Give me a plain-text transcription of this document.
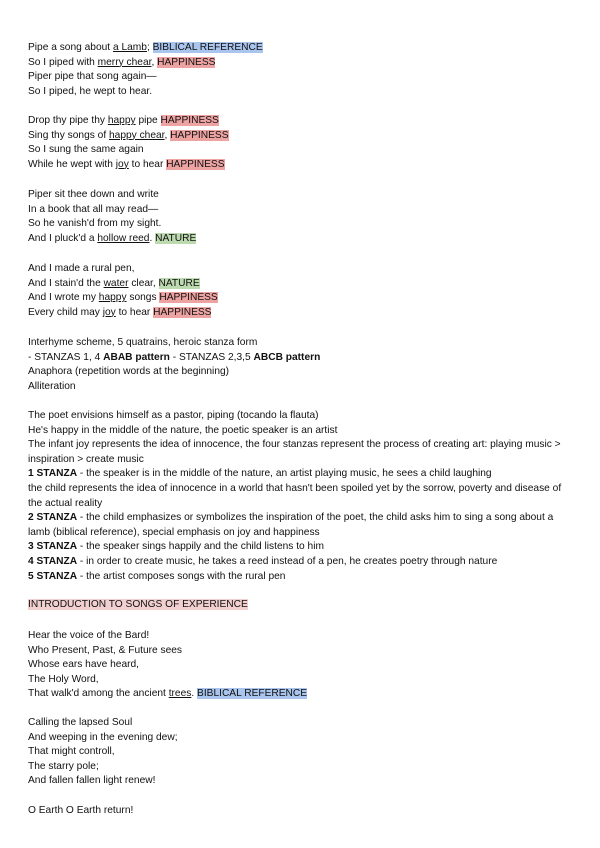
Pipe a song about a Lamb; BIBLICAL REFERENCE
So I piped with merry chear, HAPPINESS
Piper pipe that song again—
So I piped, he wept to hear.
Drop thy pipe thy happy pipe HAPPINESS
Sing thy songs of happy chear, HAPPINESS
So I sung the same again
While he wept with joy to hear HAPPINESS
Piper sit thee down and write
In a book that all may read—
So he vanish'd from my sight.
And I pluck'd a hollow reed. NATURE
And I made a rural pen,
And I stain'd the water clear, NATURE
And I wrote my happy songs HAPPINESS
Every child may joy to hear HAPPINESS
Interhyme scheme, 5 quatrains, heroic stanza form
- STANZAS 1, 4 ABAB pattern - STANZAS 2,3,5 ABCB pattern
Anaphora (repetition words at the beginning)
Alliteration
The poet envisions himself as a pastor, piping (tocando la flauta)
He's happy in the middle of the nature, the poetic speaker is an artist
The infant joy represents the idea of innocence, the four stanzas represent the process of creating art: playing music > inspiration > create music
1 STANZA - the speaker is in the middle of the nature, an artist playing music, he sees a child laughing
the child represents the idea of innocence in a world that hasn't been spoiled yet by the sorrow, poverty and disease of the actual reality
2 STANZA - the child emphasizes or symbolizes the inspiration of the poet, the child asks him to sing a song about a lamb (biblical reference), special emphasis on joy and happiness
3 STANZA - the speaker sings happily and the child listens to him
4 STANZA - in order to create music, he takes a reed instead of a pen, he creates poetry through nature
5 STANZA - the artist composes songs with the rural pen
INTRODUCTION TO SONGS OF EXPERIENCE
Hear the voice of the Bard!
Who Present, Past, & Future sees
Whose ears have heard,
The Holy Word,
That walk'd among the ancient trees. BIBLICAL REFERENCE
Calling the lapsed Soul
And weeping in the evening dew;
That might controll,
The starry pole;
And fallen fallen light renew!
O Earth O Earth return!
